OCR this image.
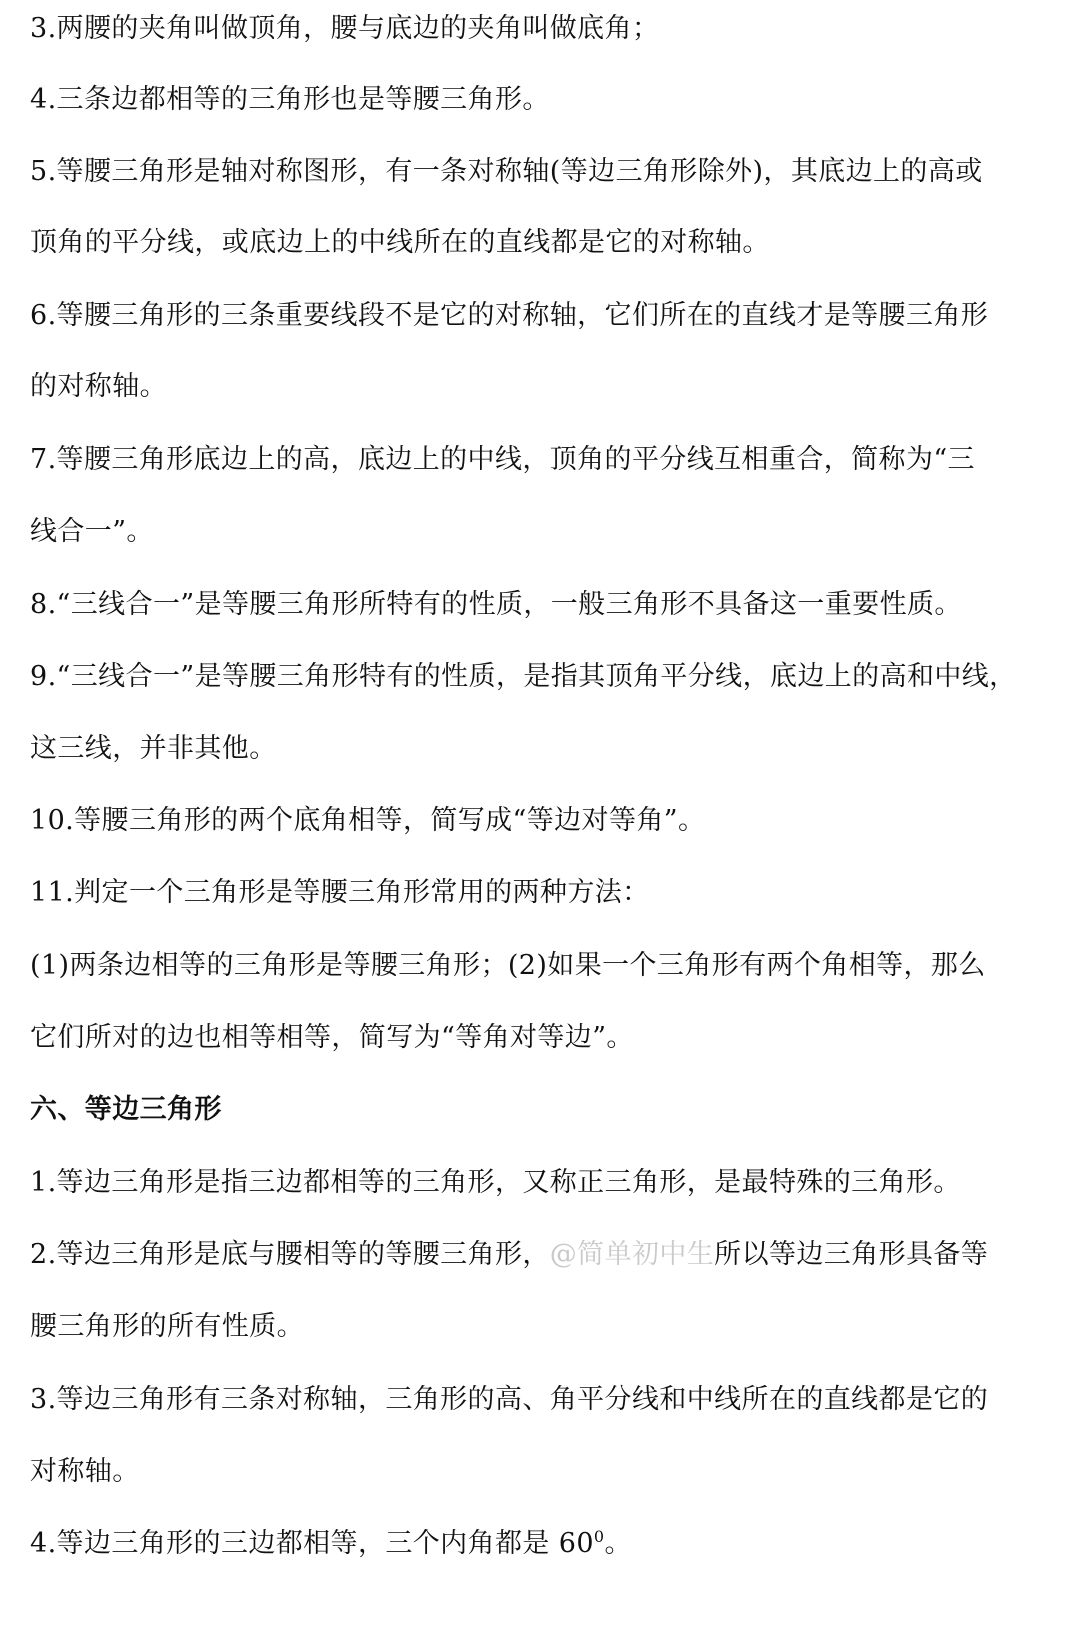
3.两腰的夹角叫做顶角，腰与底边的夹角叫做底角；
4.三条边都相等的三角形也是等腰三角形。
5.等腰三角形是轴对称图形，有一条对称轴(等边三角形除外)，其底边上的高或
顶角的平分线，或底边上的中线所在的直线都是它的对称轴。
6.等腰三角形的三条重要线段不是它的对称轴，它们所在的直线才是等腰三角形
的对称轴。
7.等腰三角形底边上的高，底边上的中线，顶角的平分线互相重合，简称为“三
线合一”。
8.“三线合一”是等腰三角形所特有的性质，一般三角形不具备这一重要性质。
9.“三线合一”是等腰三角形特有的性质，是指其顶角平分线，底边上的高和中线，
这三线，并非其他。
10.等腰三角形的两个底角相等，简写成“等边对等角”。
11.判定一个三角形是等腰三角形常用的两种方法：
(1)两条边相等的三角形是等腰三角形；(2)如果一个三角形有两个角相等，那么
它们所对的边也相等相等，简写为“等角对等边”。
六、等边三角形
1.等边三角形是指三边都相等的三角形，又称正三角形，是最特殊的三角形。
2.等边三角形是底与腰相等的等腰三角形，@简单初中生所以等边三角形具备等
腰三角形的所有性质。
3.等边三角形有三条对称轴，三角形的高、角平分线和中线所在的直线都是它的
对称轴。
4.等边三角形的三边都相等，三个内角都是 $60^0$。
